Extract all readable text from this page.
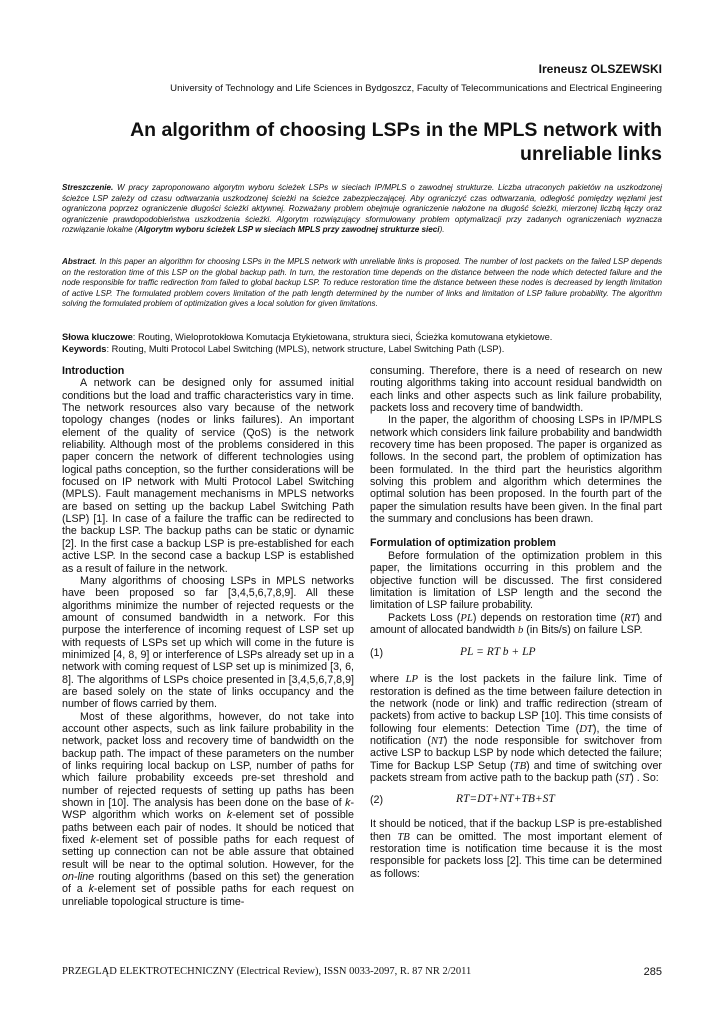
Ireneusz OLSZEWSKI
University of Technology and Life Sciences in Bydgoszcz, Faculty of Telecommunications and Electrical Engineering
An algorithm of choosing LSPs in the MPLS network with
unreliable links
Streszczenie. W pracy zaproponowano algorytm wyboru ścieżek LSPs w sieciach IP/MPLS o zawodnej strukturze. Liczba utraconych pakietów na uszkodzonej ścieżce LSP zależy od czasu odtwarzania uszkodzonej ścieżki na ścieżce zabezpieczającej. Aby ograniczyć czas odtwarzania, odległość pomiędzy węzłami jest ograniczona poprzez ograniczenie długości ścieżki aktywnej. Rozważany problem obejmuje ograniczenie nałożone na długość ścieżki, mierzonej liczbą łączy oraz ograniczenie prawdopodobieństwa uszkodzenia ścieżki. Algorytm rozwiązujący sformułowany problem optymalizacji przy zadanych ograniczeniach wyznacza rozwiązanie lokalne (Algorytm wyboru ścieżek LSP w sieciach MPLS przy zawodnej strukturze sieci).
Abstract. In this paper an algorithm for choosing LSPs in the MPLS network with unreliable links is proposed. The number of lost packets on the failed LSP depends on the restoration time of this LSP on the global backup path. In turn, the restoration time depends on the distance between the node which detected failure and the node responsible for traffic redirection from failed to global backup LSP. To reduce restoration time the distance between these nodes is decreased by length limitation of active LSP. The formulated problem covers limitation of the path length determined by the number of links and limitation of LSP failure probability. The algorithm solving the formulated problem of optimization gives a local solution for given limitations.
Słowa kluczowe: Routing, Wieloprotokłowa Komutacja Etykietowana, struktura sieci, Ścieżka komutowana etykietowe.
Keywords: Routing, Multi Protocol Label Switching (MPLS), network structure, Label Switching Path (LSP).
Introduction

A network can be designed only for assumed initial conditions but the load and traffic characteristics vary in time. The network resources also vary because of the network topology changes (nodes or links failures). An important element of the quality of service (QoS) is the network reliability. Although most of the problems considered in this paper concern the network of different technologies using logical paths conception, so the further considerations will be focused on IP network with Multi Protocol Label Switching (MPLS). Fault management mechanisms in MPLS networks are based on setting up the backup Label Switching Path (LSP) [1]. In case of a failure the traffic can be redirected to the backup LSP. The backup paths can be static or dynamic [2]. In the first case a backup LSP is pre-established for each active LSP. In the second case a backup LSP is established as a result of failure in the network.

Many algorithms of choosing LSPs in MPLS networks have been proposed so far [3,4,5,6,7,8,9]. All these algorithms minimize the number of rejected requests or the amount of consumed bandwidth in a network. For this purpose the interference of incoming request of LSP set up with requests of LSPs set up which will come in the future is minimized [4, 8, 9] or interference of LSPs already set up in a network with coming request of LSP set up is minimized [3, 6, 8]. The algorithms of LSPs choice presented in [3,4,5,6,7,8,9] are based solely on the state of links occupancy and the number of flows carried by them.

Most of these algorithms, however, do not take into account other aspects, such as link failure probability in the network, packet loss and recovery time of bandwidth on the backup path. The impact of these parameters on the number of links requiring local backup on LSP, number of paths for which failure probability exceeds pre-set threshold and number of rejected requests of setting up paths has been shown in [10]. The analysis has been done on the base of k-WSP algorithm which works on k-element set of possible paths between each pair of nodes. It should be noticed that fixed k-element set of possible paths for each request of setting up connection can not be able assure that obtained result will be near to the optimal solution. However, for the on-line routing algorithms (based on this set) the generation of a k-element set of possible paths for each request on unreliable topological structure is time-

consuming. Therefore, there is a need of research on new routing algorithms taking into account residual bandwidth on each links and other aspects such as link failure probability, packets loss and recovery time of bandwidth.

In the paper, the algorithm of choosing LSPs in IP/MPLS network which considers link failure probability and bandwidth recovery time has been proposed. The paper is organized as follows. In the second part, the problem of optimization has been formulated. In the third part the heuristics algorithm solving this problem and algorithm which determines the optimal solution has been proposed. In the fourth part of the paper the simulation results have been given. In the final part the summary and conclusions has been drawn.

Formulation of optimization problem

Before formulation of the optimization problem in this paper, the limitations occurring in this problem and the objective function will be discussed. The first considered limitation is limitation of LSP length and the second the limitation of LSP failure probability.

Packets Loss (PL) depends on restoration time (RT) and amount of allocated bandwidth b (in Bits/s) on failure LSP.

(1)	PL = RT b + LP

where LP is the lost packets in the failure link. Time of restoration is defined as the time between failure detection in the network (node or link) and traffic redirection (stream of packets) from active to backup LSP [10]. This time consists of following four elements: Detection Time (DT), the time of notification (NT) the node responsible for switchover from active LSP to backup LSP by node which detected the failure; Time for Backup LSP Setup (TB) and time of switching over packets stream from active path to the backup path (ST) . So:

(2)	RT=DT+NT+TB+ST

It should be noticed, that if the backup LSP is pre-established then TB can be omitted. The most important element of restoration time is notification time because it is the most responsible for packets loss [2]. This time can be determined as follows:

PRZEGLĄD ELEKTROTECHNICZNY (Electrical Review), ISSN 0033-2097, R. 87 NR 2/2011	285
